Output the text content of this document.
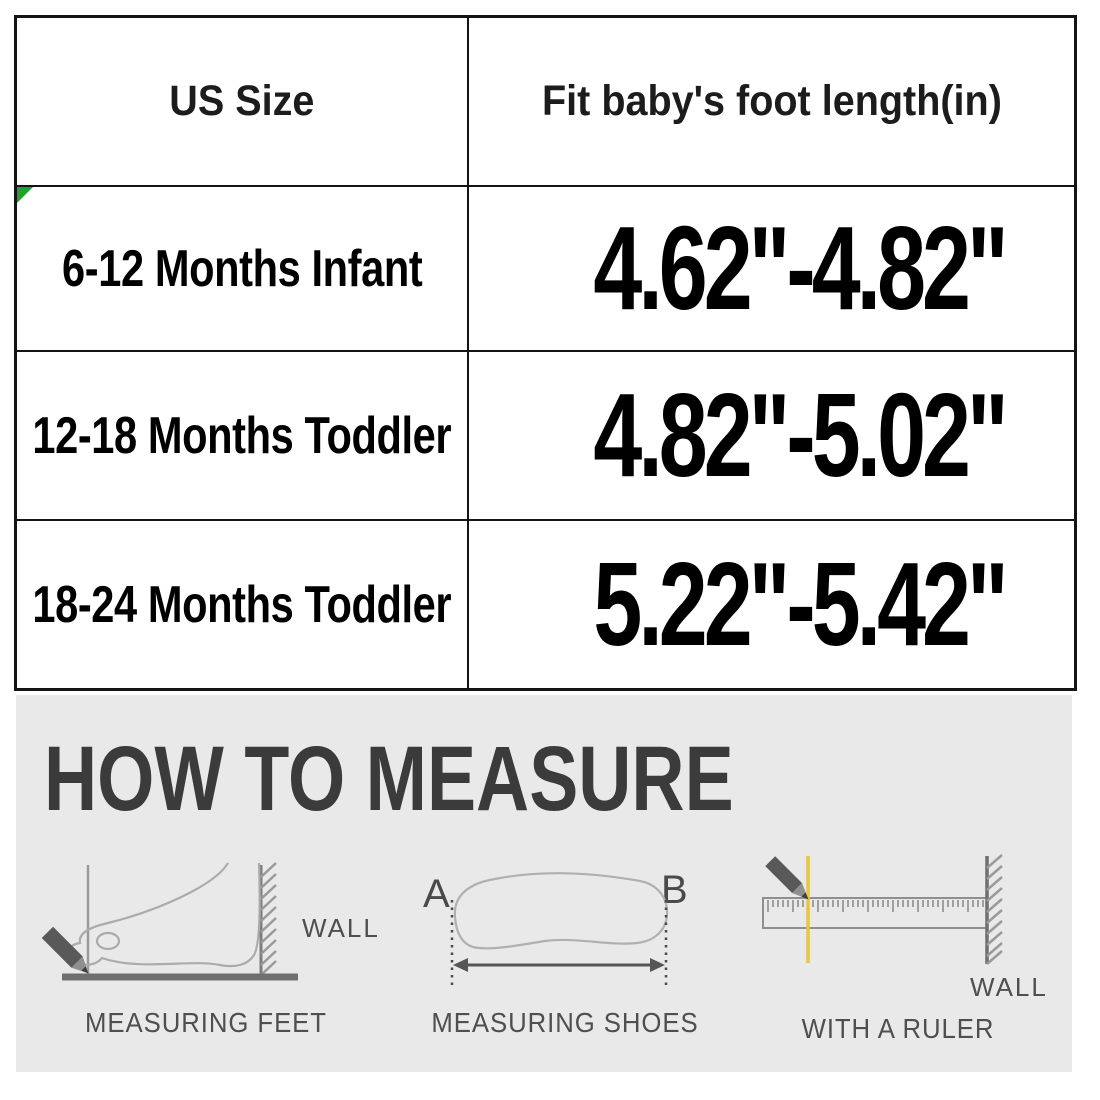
US Size	Fit baby's foot length(in)
6-12 Months Infant 4.62"-4.82"
12-18 Months Toddler 4.82"-5.02"
18-24 Months Toddler 5.22"-5.42"
HOW TO MEASURE
WALL
MEASURING FEET
A	B
MEASURING SHOES
WALL
WITH A RULER
